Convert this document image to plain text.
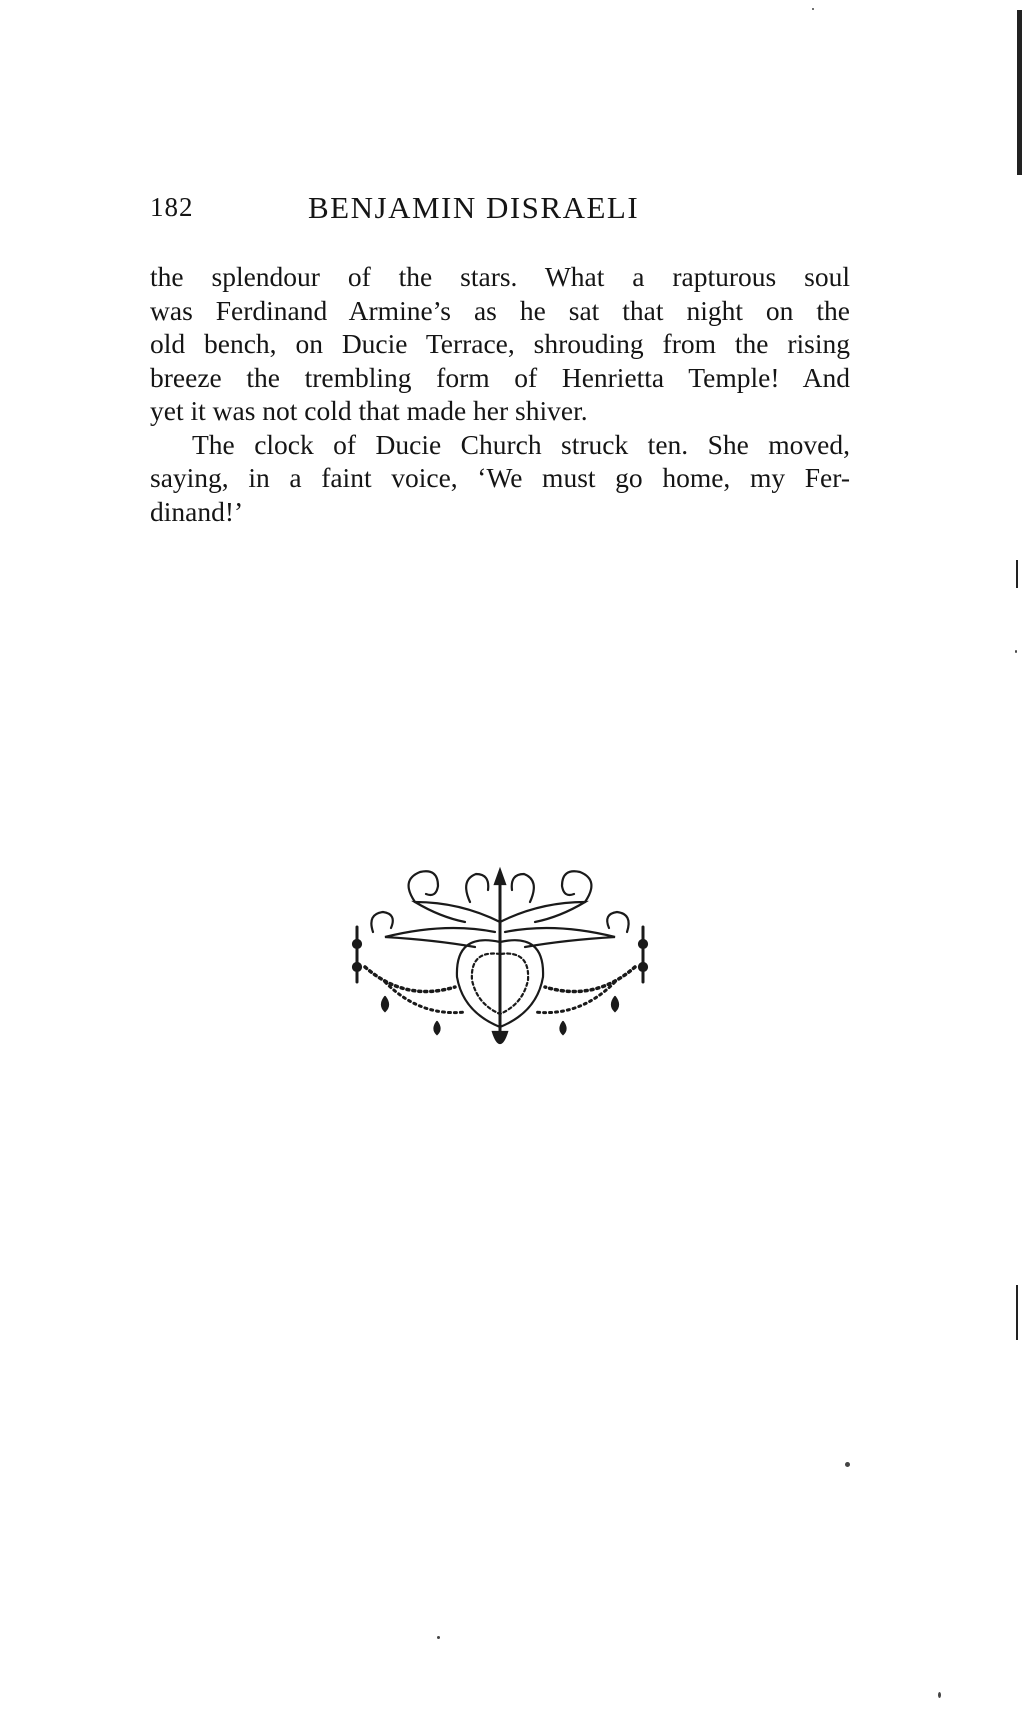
182	BENJAMIN DISRAELI

the splendour of the stars. What a rapturous soul
was Ferdinand Armine’s as he sat that night on the
old bench, on Ducie Terrace, shrouding from the rising
breeze the trembling form of Henrietta Temple! And
yet it was not cold that made her shiver.

The clock of Ducie Church struck ten. She moved,
saying, in a faint voice, ‘We must go home, my Fer-
dinand!’
